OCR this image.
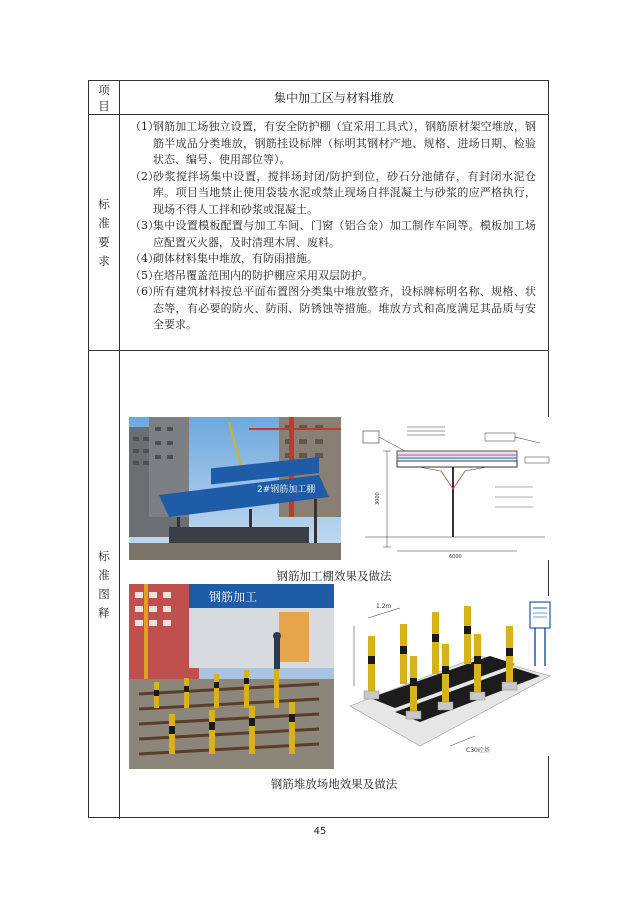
项目
集中加工区与材料堆放
标准要求
（1）
钢筋加工场独立设置，有安全防护棚（宜采用工具式），钢筋原材架空堆放，钢筋半成品分类堆放，钢筋挂设标牌（标明其钢材产地、规格、进场日期、检验状态、编号、使用部位等）。
（2）
砂浆搅拌场集中设置，搅拌场封闭/防护到位，砂石分池储存，有封闭水泥仓库。项目当地禁止使用袋装水泥或禁止现场自拌混凝土与砂浆的应严格执行，现场不得人工拌和砂浆或混凝土。
（3）
集中设置模板配置与加工车间、门窗（铝合金）加工制作车间等。模板加工场应配置灭火器，及时清理木屑、废料。
（4）
砌体材料集中堆放，有防雨措施。
（5）
在塔吊覆盖范围内的防护棚应采用双层防护。
（6）
所有建筑材料按总平面布置图分类集中堆放整齐，设标牌标明名称、规格、状态等，有必要的防火、防雨、防锈蚀等措施。堆放方式和高度满足其品质与安全要求。
标准图释
2#钢筋加工棚
3000
6000
钢筋加工棚效果及做法
钢筋加工
1.2m
C30砼基
钢筋堆放场地效果及做法
45
